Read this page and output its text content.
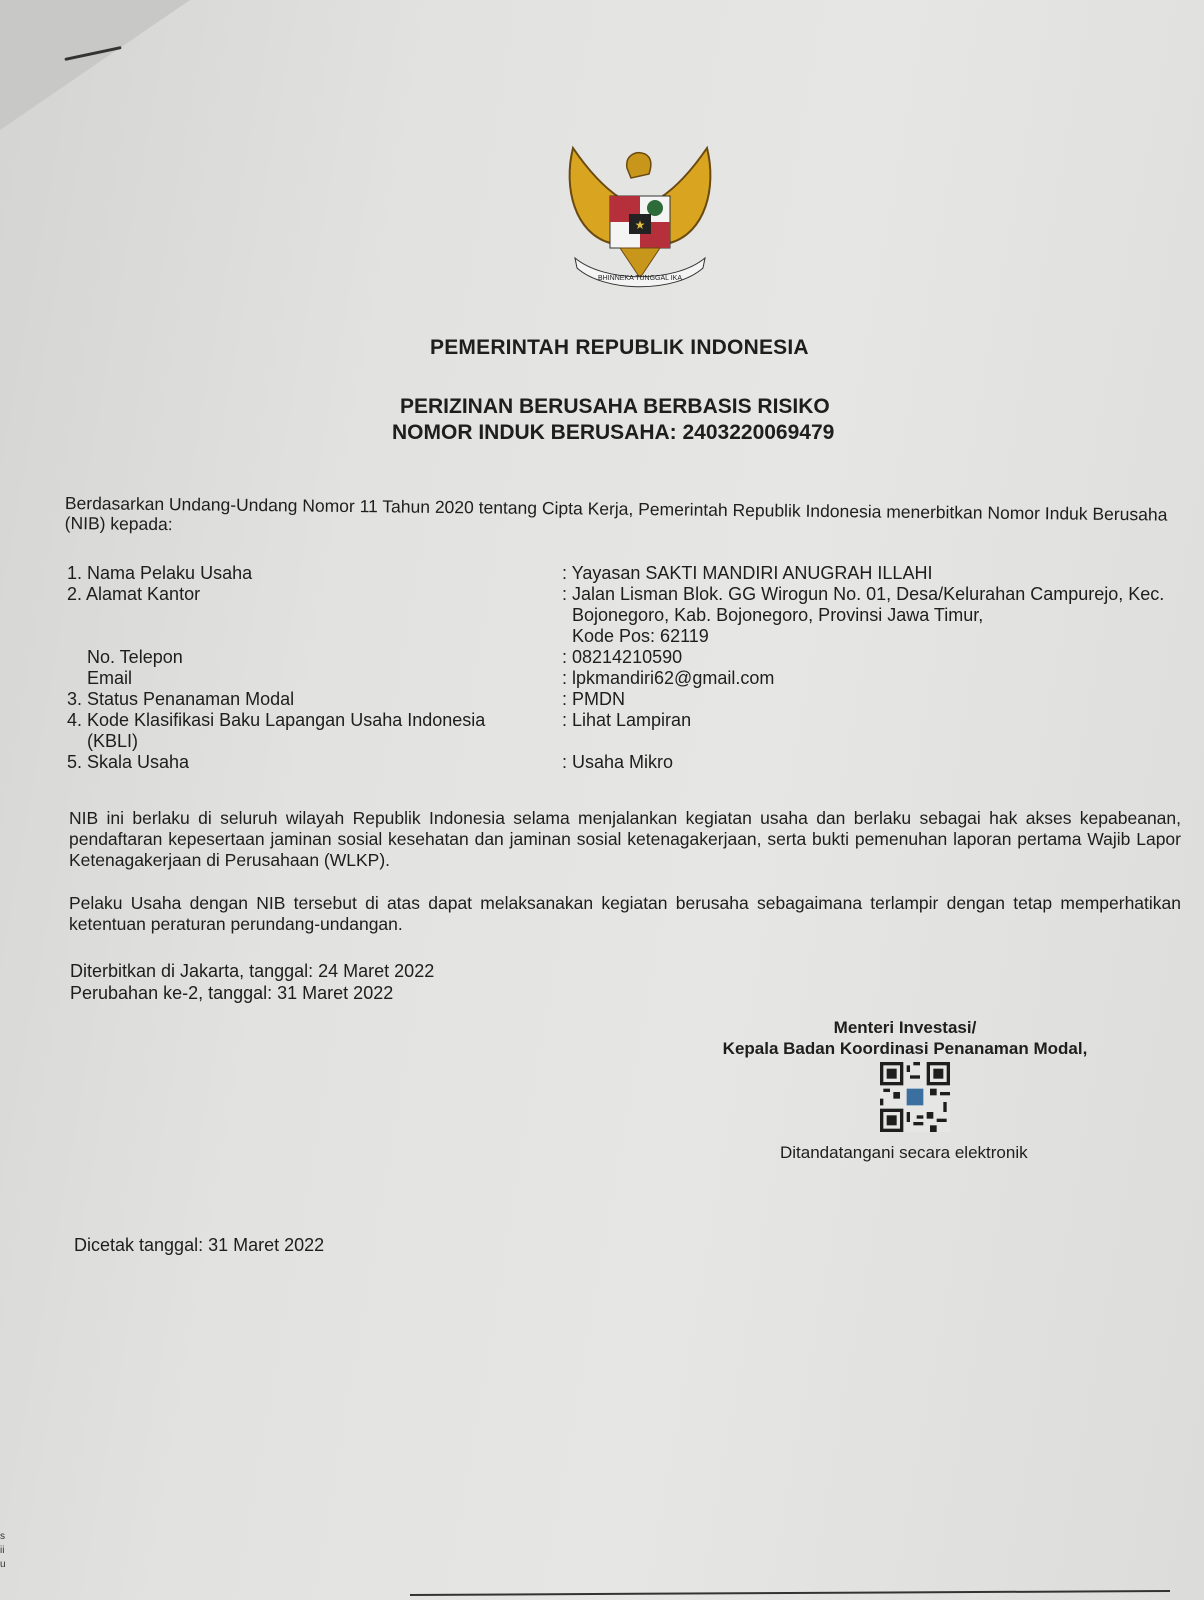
★
BHINNEKA TUNGGAL IKA
PEMERINTAH REPUBLIK INDONESIA
PERIZINAN BERUSAHA BERBASIS RISIKO
NOMOR INDUK BERUSAHA: 2403220069479
Berdasarkan Undang-Undang Nomor 11 Tahun 2020 tentang Cipta Kerja, Pemerintah Republik Indonesia menerbitkan Nomor Induk Berusaha (NIB) kepada:
1. Nama Pelaku Usaha	: Yayasan SAKTI MANDIRI ANUGRAH ILLAHI
2. Alamat Kantor	: Jalan Lisman Blok. GG Wirogun No. 01, Desa/Kelurahan Campurejo, Kec.
Bojonegoro, Kab. Bojonegoro, Provinsi Jawa Timur,
Kode Pos: 62119
No. Telepon	: 08214210590
Email	: lpkmandiri62@gmail.com
3. Status Penanaman Modal	: PMDN
4. Kode Klasifikasi Baku Lapangan Usaha Indonesia	: Lihat Lampiran
(KBLI)
5. Skala Usaha	: Usaha Mikro
NIB ini berlaku di seluruh wilayah Republik Indonesia selama menjalankan kegiatan usaha dan berlaku sebagai hak akses kepabeanan, pendaftaran kepesertaan jaminan sosial kesehatan dan jaminan sosial ketenagakerjaan, serta bukti pemenuhan laporan pertama Wajib Lapor Ketenagakerjaan di Perusahaan (WLKP).
Pelaku Usaha dengan NIB tersebut di atas dapat melaksanakan kegiatan berusaha sebagaimana terlampir dengan tetap memperhatikan ketentuan peraturan perundang-undangan.
Diterbitkan di Jakarta, tanggal: 24 Maret 2022
Perubahan ke-2, tanggal: 31 Maret 2022
Menteri Investasi/
Kepala Badan Koordinasi Penanaman Modal,
Ditandatangani secara elektronik
Dicetak tanggal: 31 Maret 2022
s
ii
u
